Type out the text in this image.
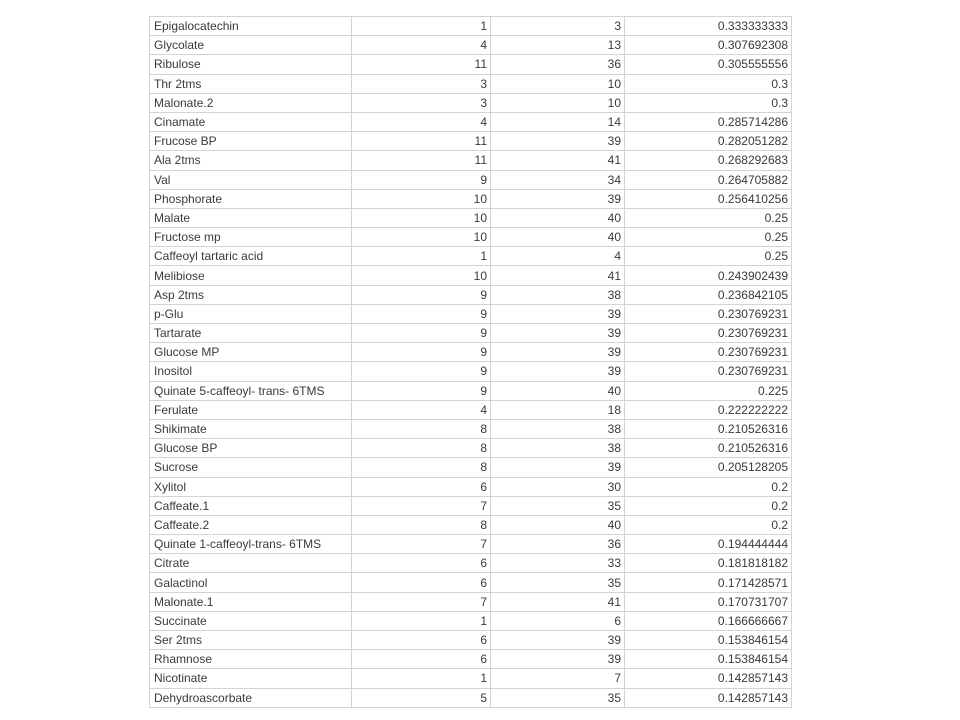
Epigalocatechin	1	3	0.333333333
Glycolate	4	13	0.307692308
Ribulose	11	36	0.305555556
Thr 2tms	3	10	0.3
Malonate.2	3	10	0.3
Cinamate	4	14	0.285714286
Frucose BP	11	39	0.282051282
Ala 2tms	11	41	0.268292683
Val	9	34	0.264705882
Phosphorate	10	39	0.256410256
Malate	10	40	0.25
Fructose mp	10	40	0.25
Caffeoyl tartaric acid	1	4	0.25
Melibiose	10	41	0.243902439
Asp 2tms	9	38	0.236842105
p-Glu	9	39	0.230769231
Tartarate	9	39	0.230769231
Glucose MP	9	39	0.230769231
Inositol	9	39	0.230769231
Quinate 5-caffeoyl- trans- 6TMS	9	40	0.225
Ferulate	4	18	0.222222222
Shikimate	8	38	0.210526316
Glucose BP	8	38	0.210526316
Sucrose	8	39	0.205128205
Xylitol	6	30	0.2
Caffeate.1	7	35	0.2
Caffeate.2	8	40	0.2
Quinate 1-caffeoyl-trans- 6TMS	7	36	0.194444444
Citrate	6	33	0.181818182
Galactinol	6	35	0.171428571
Malonate.1	7	41	0.170731707
Succinate	1	6	0.166666667
Ser 2tms	6	39	0.153846154
Rhamnose	6	39	0.153846154
Nicotinate	1	7	0.142857143
Dehydroascorbate	5	35	0.142857143
